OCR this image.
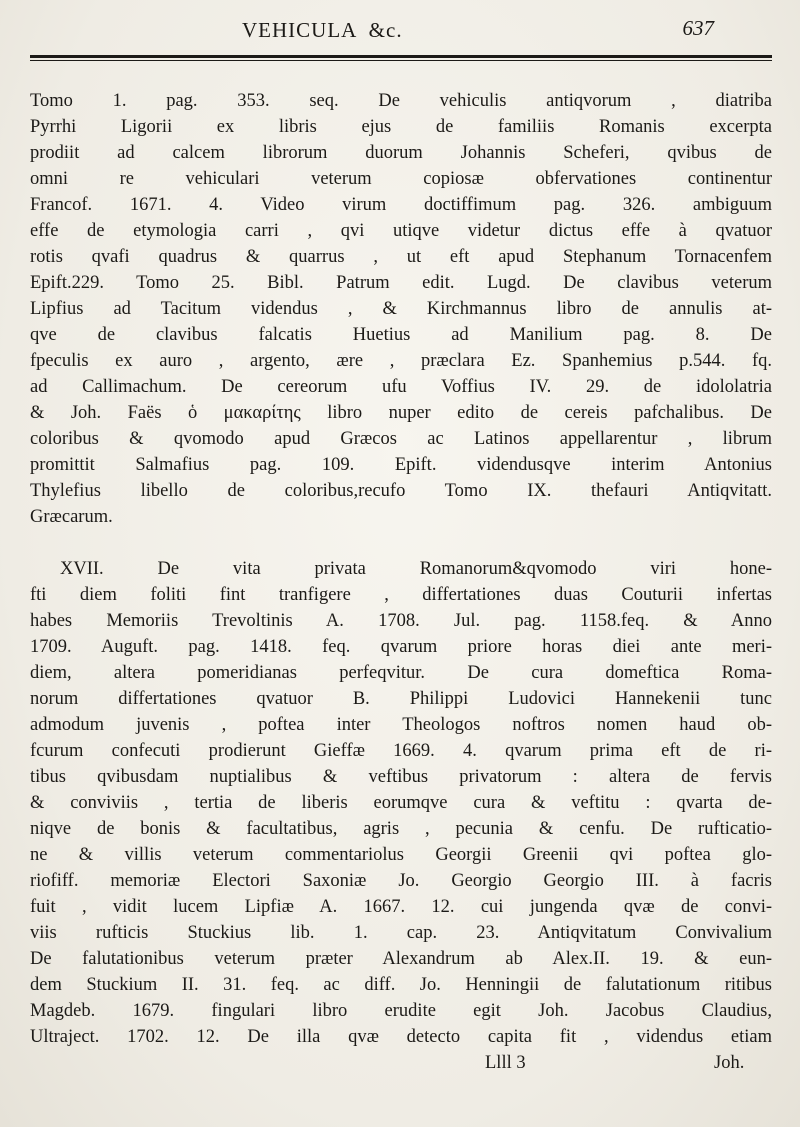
VEHICULA  &c.	637
Tomo 1. pag. 353. seq. De vehiculis antiqvorum , diatriba
Pyrrhi Ligorii ex libris ejus de familiis Romanis excerpta
prodiit ad calcem librorum duorum Johannis Scheferi, qvibus de
omni re vehiculari veterum copiosæ obfervationes continentur
Francof. 1671. 4. Video virum doctiffimum pag. 326. ambiguum
effe de etymologia carri , qvi utiqve videtur dictus effe à qvatuor
rotis qvafi quadrus & quarrus , ut eft apud Stephanum Tornacenfem
Epift.229. Tomo 25. Bibl. Patrum edit. Lugd. De clavibus veterum
Lipfius ad Tacitum videndus , & Kirchmannus libro de annulis at-
qve de clavibus falcatis Huetius ad Manilium pag. 8. De
fpeculis ex auro , argento, ære , præclara Ez. Spanhemius p.544. fq.
ad Callimachum. De cereorum ufu Voffius IV. 29. de idololatria
& Joh. Faës ὁ μακαρίτης libro nuper edito de cereis pafchalibus. De
coloribus & qvomodo apud Græcos ac Latinos appellarentur , librum
promittit Salmafius pag. 109. Epift. videndusqve interim Antonius
Thylefius libello de coloribus,recufo Tomo IX. thefauri Antiqvitatt.
Græcarum.
XVII. De vita privata Romanorum&qvomodo viri hone-
fti diem foliti fint tranfigere , differtationes duas Couturii infertas
habes Memoriis Trevoltinis A. 1708. Jul. pag. 1158.feq. & Anno
1709. Auguft. pag. 1418. feq. qvarum priore horas diei ante meri-
diem, altera pomeridianas perfeqvitur. De cura domeftica Roma-
norum differtationes qvatuor B. Philippi Ludovici Hannekenii tunc
admodum juvenis , poftea inter Theologos noftros nomen haud ob-
fcurum confecuti prodierunt Gieffæ 1669. 4. qvarum prima eft de ri-
tibus qvibusdam nuptialibus & veftibus privatorum : altera de fervis
& conviviis , tertia de liberis eorumqve cura & veftitu : qvarta de-
niqve de bonis & facultatibus, agris , pecunia & cenfu. De rufticatio-
ne & villis veterum commentariolus Georgii Greenii qvi poftea glo-
riofiff. memoriæ Electori Saxoniæ Jo. Georgio Georgio III. à facris
fuit , vidit lucem Lipfiæ A. 1667. 12. cui jungenda qvæ de convi-
viis rufticis Stuckius lib. 1. cap. 23. Antiqvitatum Convivalium
De falutationibus veterum præter Alexandrum ab Alex.II. 19. & eun-
dem Stuckium II. 31. feq. ac diff. Jo. Henningii de falutationum ritibus
Magdeb. 1679. fingulari libro erudite egit Joh. Jacobus Claudius,
Ultraject. 1702. 12. De illa qvæ detecto capita fit , videndus etiam
Llll 3	Joh.
